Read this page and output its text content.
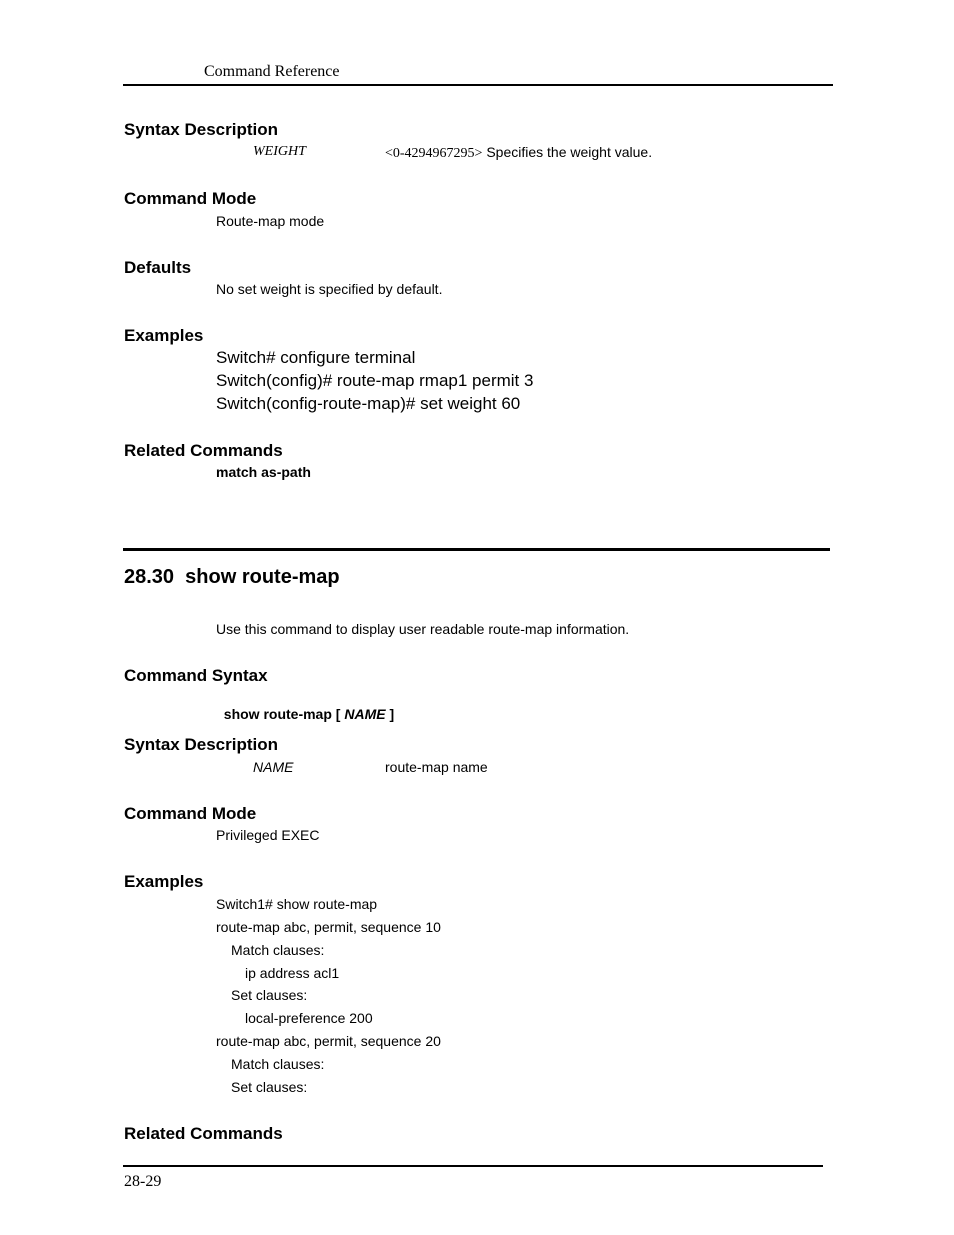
Command Reference
Syntax Description
WEIGHT	<0-4294967295> Specifies the weight value.
Command Mode
Route-map mode
Defaults
No set weight is specified by default.
Examples
Switch# configure terminal
Switch(config)# route-map rmap1 permit 3
Switch(config-route-map)# set weight 60
Related Commands
match as-path
28.30  show route-map
Use this command to display user readable route-map information.
Command Syntax

show route-map [ NAME ]

Syntax Description
NAME	route-map name
Command Mode
Privileged EXEC
Examples
Switch1# show route-map
route-map abc, permit, sequence 10
Match clauses:
ip address acl1
Set clauses:
local-preference 200
route-map abc, permit, sequence 20
Match clauses:
Set clauses:
Related Commands
28-29
